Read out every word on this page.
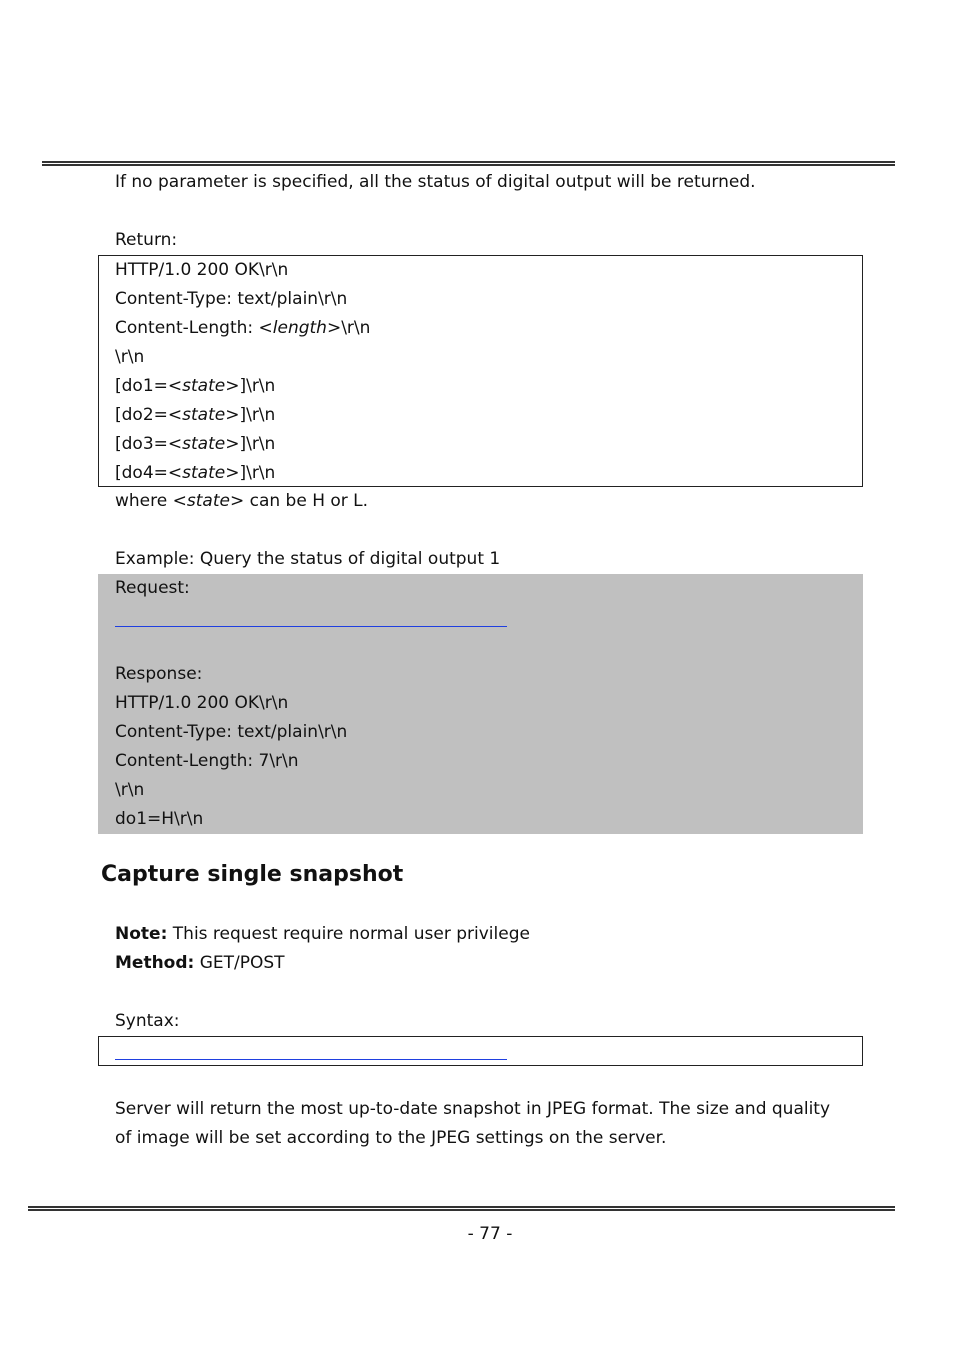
If no parameter is specified, all the status of digital output will be returned.
Return:
HTTP/1.0 200 OK\r\n
Content-Type: text/plain\r\n
Content-Length: <length>\r\n
\r\n
[do1=<state>]\r\n
[do2=<state>]\r\n
[do3=<state>]\r\n
[do4=<state>]\r\n
where <state> can be H or L.
Example: Query the status of digital output 1
Request:
Response:
HTTP/1.0 200 OK\r\n
Content-Type: text/plain\r\n
Content-Length: 7\r\n
\r\n
do1=H\r\n
Capture single snapshot
Note: This request require normal user privilege
Method: GET/POST
Syntax:
Server will return the most up-to-date snapshot in JPEG format. The size and quality
of image will be set according to the JPEG settings on the server.
- 77 -
